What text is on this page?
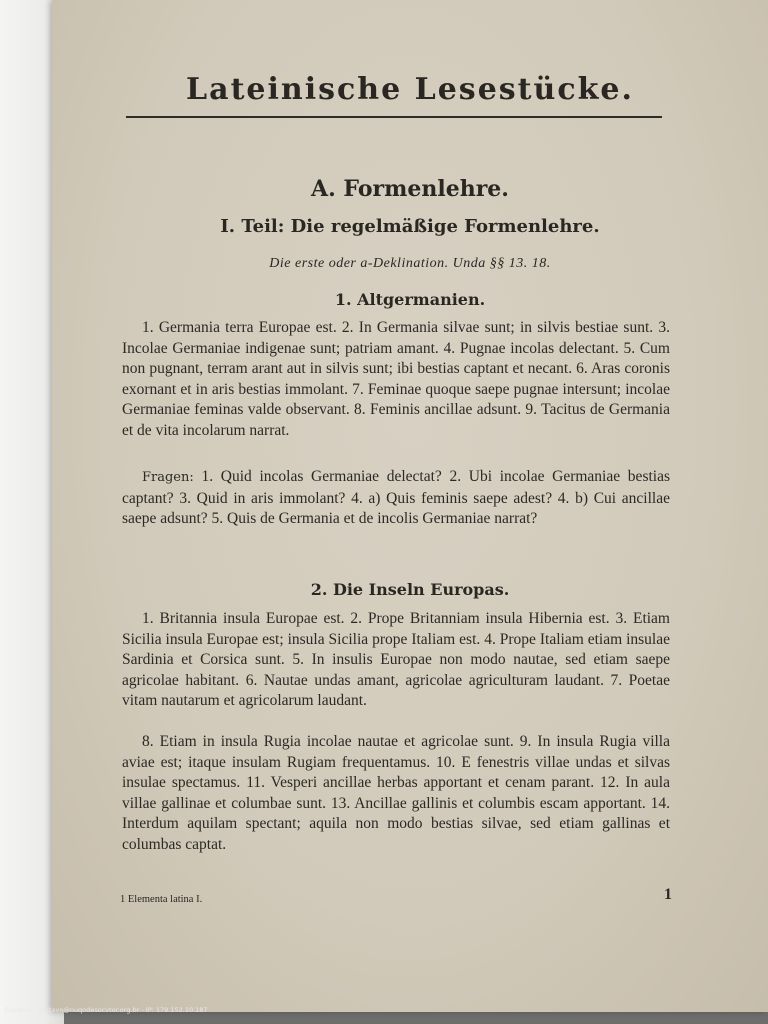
Lateinische Lesestücke.
A. Formenlehre.
I. Teil: Die regelmäßige Formenlehre.
Die erste oder a-Deklination. Unda §§ 13. 18.
1. Altgermanien.
1. Germania terra Europae est. 2. In Germania silvae sunt; in silvis bestiae sunt. 3. Incolae Germaniae indigenae sunt; patriam amant. 4. Pugnae incolas delectant. 5. Cum non pugnant, terram arant aut in silvis sunt; ibi bestias captant et necant. 6. Aras coronis exornant et in aris bestias immolant. 7. Feminae quoque saepe pugnae intersunt; incolae Germaniae feminas valde observant. 8. Feminis ancillae adsunt. 9. Tacitus de Germania et de vita incolarum narrat.
Fragen: 1. Quid incolas Germaniae delectat? 2. Ubi incolae Germaniae bestias captant? 3. Quid in aris immolant? 4. a) Quis feminis saepe adest? 4. b) Cui ancillae saepe adsunt? 5. Quis de Germania et de incolis Germaniae narrat?
2. Die Inseln Europas.
1. Britannia insula Europae est. 2. Prope Britanniam insula Hibernia est. 3. Etiam Sicilia insula Europae est; insula Sicilia prope Italiam est. 4. Prope Italiam etiam insulae Sardinia et Corsica sunt. 5. In insulis Europae non modo nautae, sed etiam saepe agricolae habitant. 6. Nautae undas amant, agricolae agriculturam laudant. 7. Poetae vitam nautarum et agricolarum laudant.
8. Etiam in insula Rugia incolae nautae et agricolae sunt. 9. In insula Rugia villa aviae est; itaque insulam Rugiam frequentamus. 10. E fenestris villae undas et silvas insulae spectamus. 11. Vesperi ancillae herbas apportant et cenam parant. 12. In aula villae gallinae et columbae sunt. 13. Ancillae gallinis et columbis escam apportant. 14. Interdum aquilam spectant; aquila non modo bestias silvae, sed etiam gallinas et columbas captat.
1 Elementa latina I.	1
Gustavo - gustavo@nuqodesocvtor.org.br - IP: 179.152.10.187
